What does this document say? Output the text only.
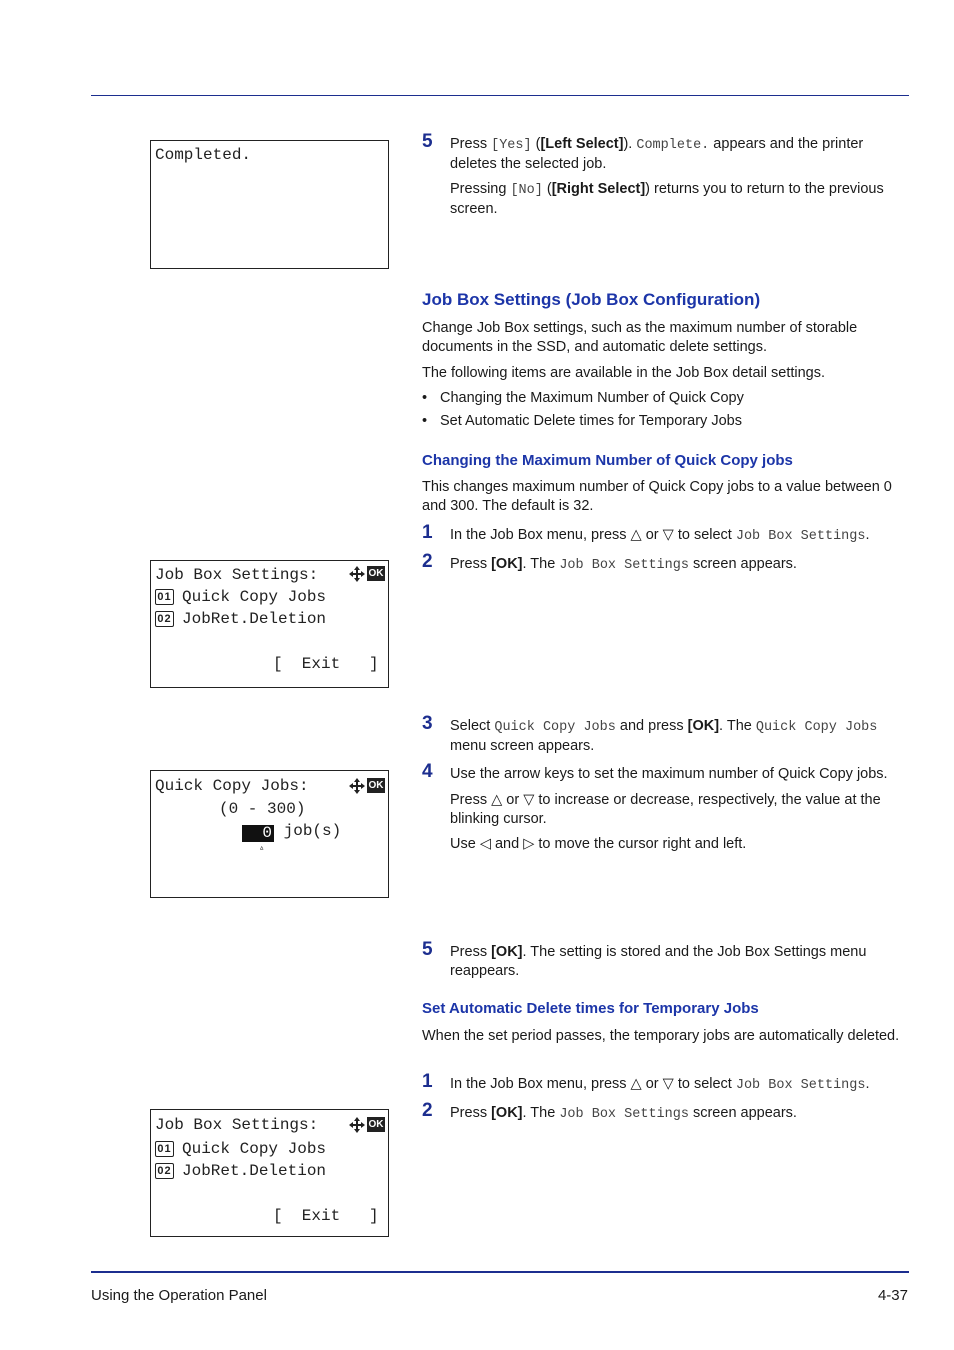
Completed.
5 Press [Yes] ([Left Select]). Complete. appears and the printer deletes the selected job.
Pressing [No] ([Right Select]) returns you to return to the previous screen.
Job Box Settings (Job Box Configuration)
Change Job Box settings, such as the maximum number of storable documents in the SSD, and automatic delete settings.
The following items are available in the Job Box detail settings.
• Changing the Maximum Number of Quick Copy
• Set Automatic Delete times for Temporary Jobs
Changing the Maximum Number of Quick Copy jobs
This changes maximum number of Quick Copy jobs to a value between 0 and 300. The default is 32.
1 In the Job Box menu, press △ or ▽ to select Job Box Settings.
2 Press [OK]. The Job Box Settings screen appears.
Job Box Settings:	OK
01 Quick Copy Jobs
02 JobRet.Deletion
[  Exit   ]
3 Select Quick Copy Jobs and press [OK]. The Quick Copy Jobs menu screen appears.
Quick Copy Jobs:	OK
(0 - 300)
0 job(s)
▵
4 Use the arrow keys to set the maximum number of Quick Copy jobs.
Press △ or ▽ to increase or decrease, respectively, the value at the blinking cursor.
Use ◁ and ▷ to move the cursor right and left.
5 Press [OK]. The setting is stored and the Job Box Settings menu reappears.
Set Automatic Delete times for Temporary Jobs
When the set period passes, the temporary jobs are automatically deleted.
1 In the Job Box menu, press △ or ▽ to select Job Box Settings.
2 Press [OK]. The Job Box Settings screen appears.
Job Box Settings:	OK
01 Quick Copy Jobs
02 JobRet.Deletion
[  Exit   ]
Using the Operation Panel	4-37
